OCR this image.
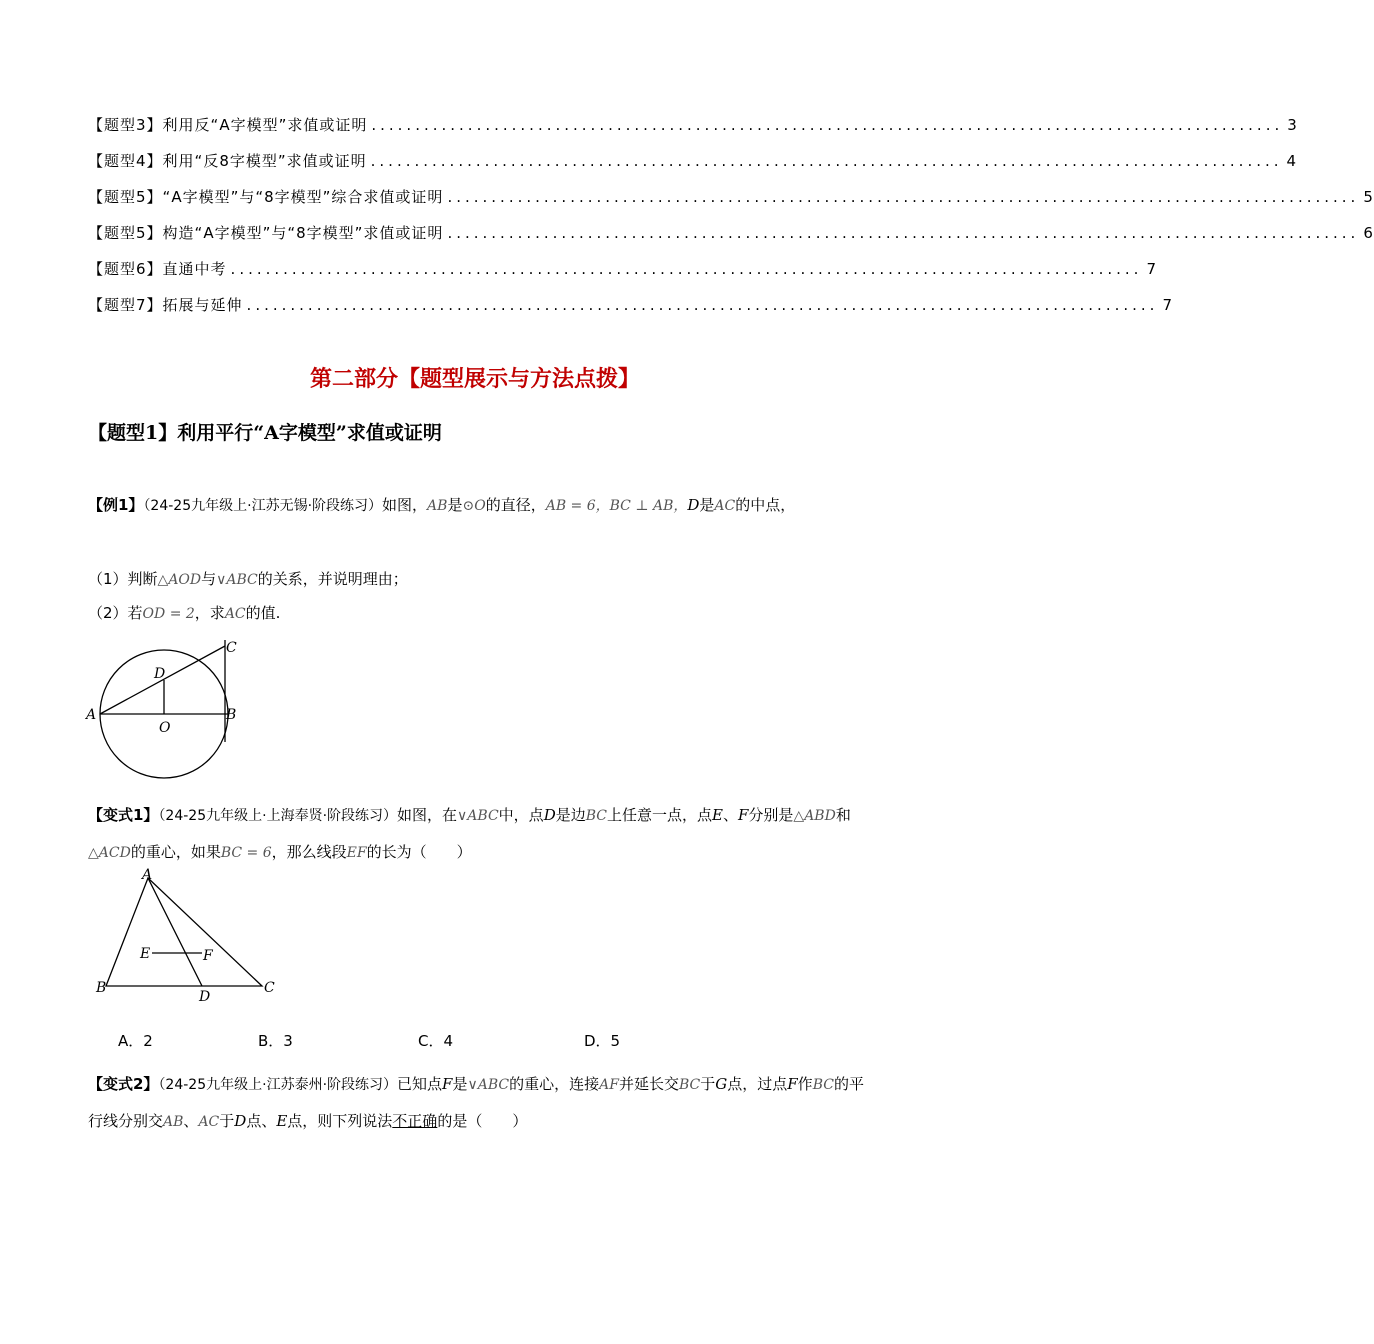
【题型3】利用反“A字模型”求值或证明 ........................................................................................................ 3
【题型4】利用“反8字模型”求值或证明 ........................................................................................................ 4
【题型5】“A字模型”与“8字模型”综合求值或证明 ........................................................................................................ 5
【题型5】构造“A字模型”与“8字模型”求值或证明 ........................................................................................................ 6
【题型6】直通中考 ........................................................................................................ 7
【题型7】拓展与延伸 ........................................................................................................ 7
第二部分【题型展示与方法点拨】
【题型1】利用平行“A字模型”求值或证明
【例1】（24-25九年级上·江苏无锡·阶段练习）如图，AB是⊙O的直径，AB = 6，BC ⊥ AB，D是AC的中点，
（1）判断△AOD与∨ABC的关系，并说明理由；
（2）若OD = 2，求AC的值.
A	B
C
D
O
【变式1】（24-25九年级上·上海奉贤·阶段练习）如图，在∨ABC中，点D是边BC上任意一点，点E、F分别是△ABD和△ACD的重心，如果BC = 6，那么线段EF的长为（　　）
A
B	C
D
E	F
A．2	B．3	C．4	D．5
【变式2】（24-25九年级上·江苏泰州·阶段练习）已知点F是∨ABC的重心，连接AF并延长交BC于G点，过点F作BC的平行线分别交AB、AC于D点、E点，则下列说法不正确的是（　　）
